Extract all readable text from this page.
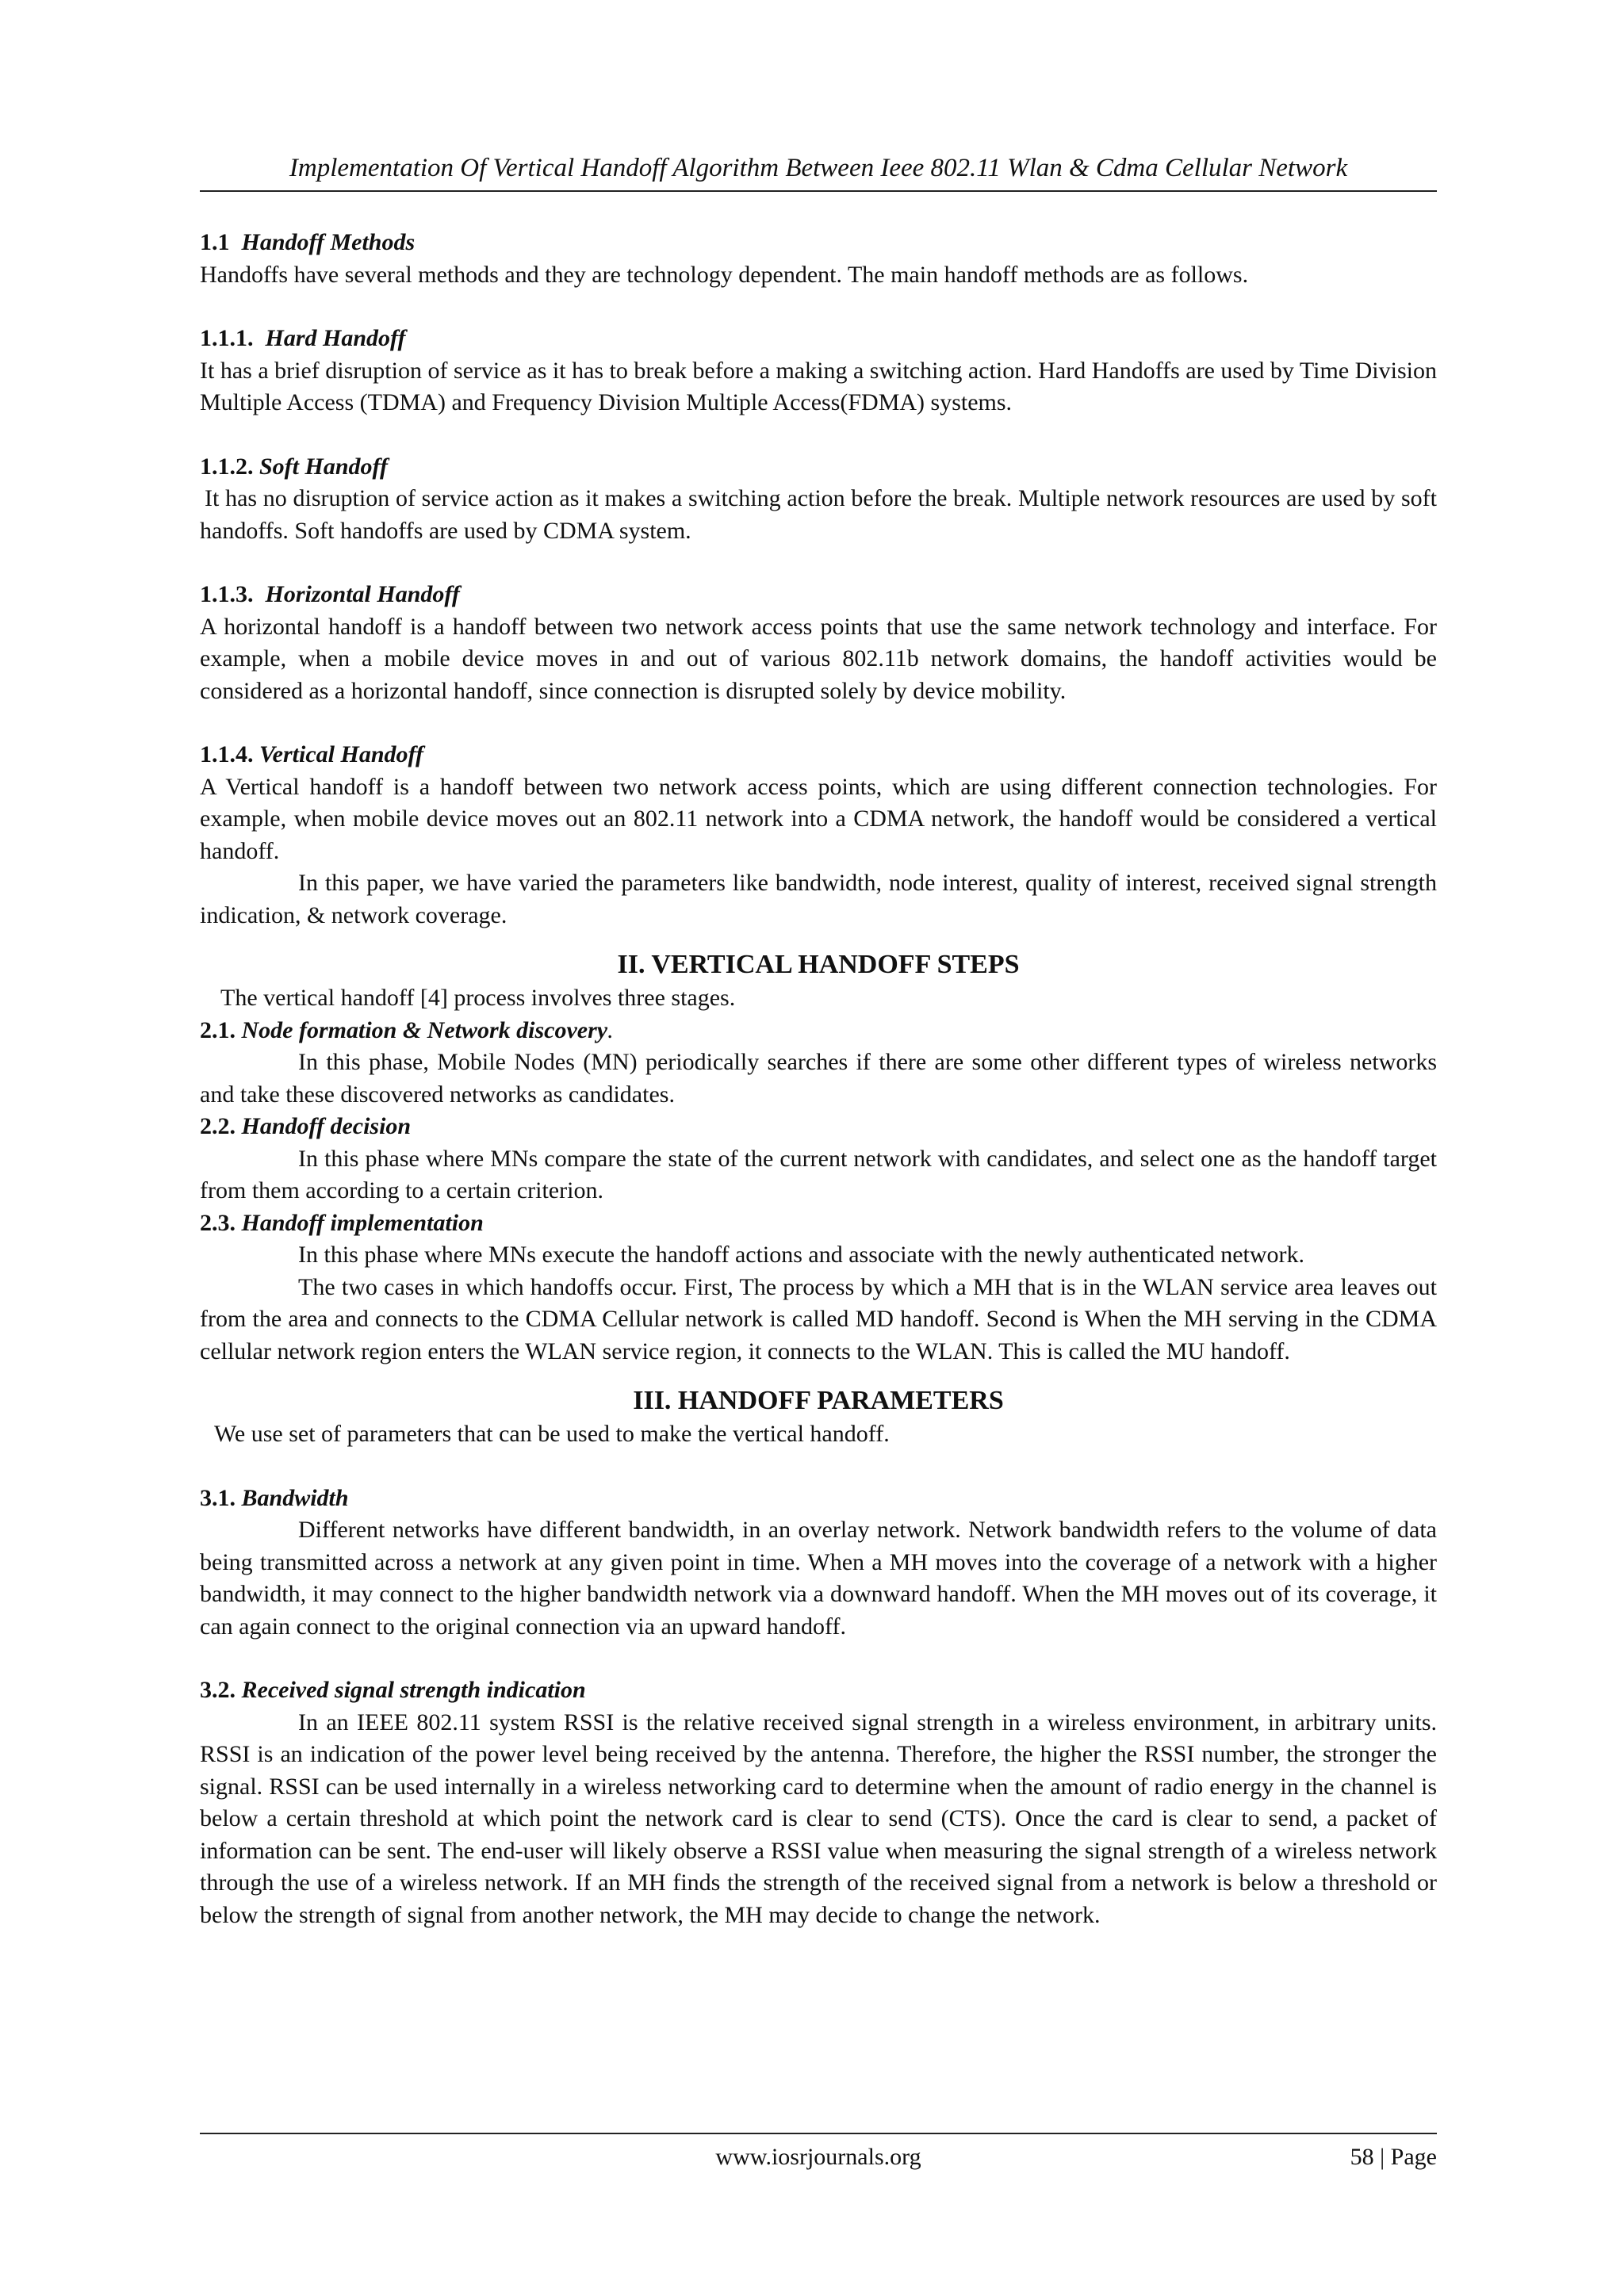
Implementation Of Vertical Handoff Algorithm Between Ieee 802.11 Wlan & Cdma Cellular Network
1.1 Handoff Methods

Handoffs have several methods and they are technology dependent. The main handoff methods are as follows.

1.1.1. Hard Handoff

It has a brief disruption of service as it has to break before a making a switching action. Hard Handoffs are used by Time Division Multiple Access (TDMA) and Frequency Division Multiple Access(FDMA) systems.

1.1.2. Soft Handoff

It has no disruption of service action as it makes a switching action before the break. Multiple network resources are used by soft handoffs. Soft handoffs are used by CDMA system.

1.1.3. Horizontal Handoff

A horizontal handoff is a handoff between two network access points that use the same network technology and interface. For example, when a mobile device moves in and out of various 802.11b network domains, the handoff activities would be considered as a horizontal handoff, since connection is disrupted solely by device mobility.

1.1.4. Vertical Handoff

A Vertical handoff is a handoff between two network access points, which are using different connection technologies. For example, when mobile device moves out an 802.11 network into a CDMA network, the handoff would be considered a vertical handoff.

In this paper, we have varied the parameters like bandwidth, node interest, quality of interest, received signal strength indication, & network coverage.

II. VERTICAL HANDOFF STEPS

The vertical handoff [4] process involves three stages.

2.1. Node formation & Network discovery.

In this phase, Mobile Nodes (MN) periodically searches if there are some other different types of wireless networks and take these discovered networks as candidates.

2.2. Handoff decision

In this phase where MNs compare the state of the current network with candidates, and select one as the handoff target from them according to a certain criterion.

2.3. Handoff implementation

In this phase where MNs execute the handoff actions and associate with the newly authenticated network.

The two cases in which handoffs occur. First, The process by which a MH that is in the WLAN service area leaves out from the area and connects to the CDMA Cellular network is called MD handoff. Second is When the MH serving in the CDMA cellular network region enters the WLAN service region, it connects to the WLAN. This is called the MU handoff.

III. HANDOFF PARAMETERS

We use set of parameters that can be used to make the vertical handoff.

3.1. Bandwidth

Different networks have different bandwidth, in an overlay network. Network bandwidth refers to the volume of data being transmitted across a network at any given point in time. When a MH moves into the coverage of a network with a higher bandwidth, it may connect to the higher bandwidth network via a downward handoff. When the MH moves out of its coverage, it can again connect to the original connection via an upward handoff.

3.2. Received signal strength indication

In an IEEE 802.11 system RSSI is the relative received signal strength in a wireless environment, in arbitrary units. RSSI is an indication of the power level being received by the antenna. Therefore, the higher the RSSI number, the stronger the signal. RSSI can be used internally in a wireless networking card to determine when the amount of radio energy in the channel is below a certain threshold at which point the network card is clear to send (CTS). Once the card is clear to send, a packet of information can be sent. The end-user will likely observe a RSSI value when measuring the signal strength of a wireless network through the use of a wireless network. If an MH finds the strength of the received signal from a network is below a threshold or below the strength of signal from another network, the MH may decide to change the network.

www.iosrjournals.org	58 | Page
